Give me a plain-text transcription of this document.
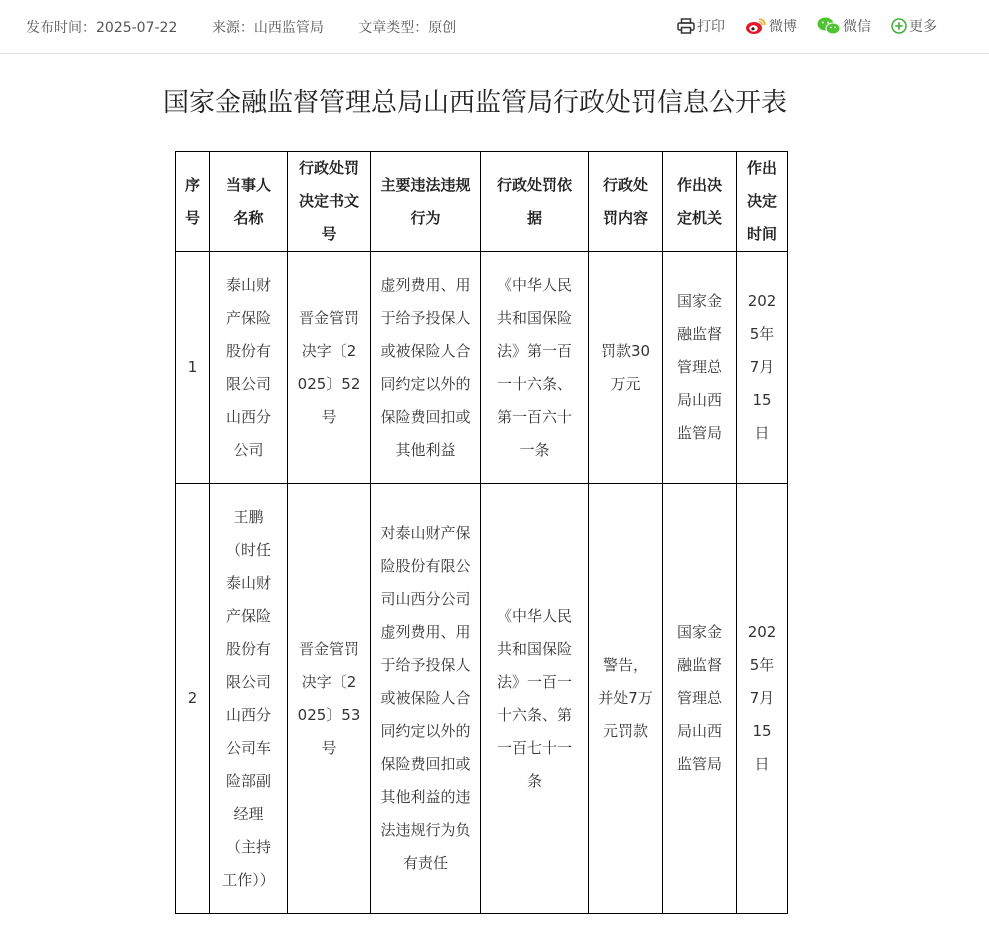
发布时间：2025-07-22 来源：山西监管局 文章类型：原创	打印	微博	微信	更多
国家金融监督管理总局山西监管局行政处罚信息公开表
序号	当事人名称	行政处罚决定书文号	主要违法违规行为	行政处罚依据	行政处罚内容	作出决定机关	作出决定时间
1	泰山财产保险股份有限公司山西分公司	晋金管罚决字〔2025〕52号	虚列费用、用于给予投保人或被保险人合同约定以外的保险费回扣或其他利益	《中华人民共和国保险法》第一百一十六条、第一百六十一条	罚款30万元	国家金融监督管理总局山西监管局	2025年7月15日
2	王鹏（时任泰山财产保险股份有限公司山西分公司车险部副经理（主持工作））	晋金管罚决字〔2025〕53号	对泰山财产保险股份有限公司山西分公司虚列费用、用于给予投保人或被保险人合同约定以外的保险费回扣或其他利益的违法违规行为负有责任	《中华人民共和国保险法》一百一十六条、第一百七十一条	警告，并处7万元罚款	国家金融监督管理总局山西监管局	2025年7月15日
